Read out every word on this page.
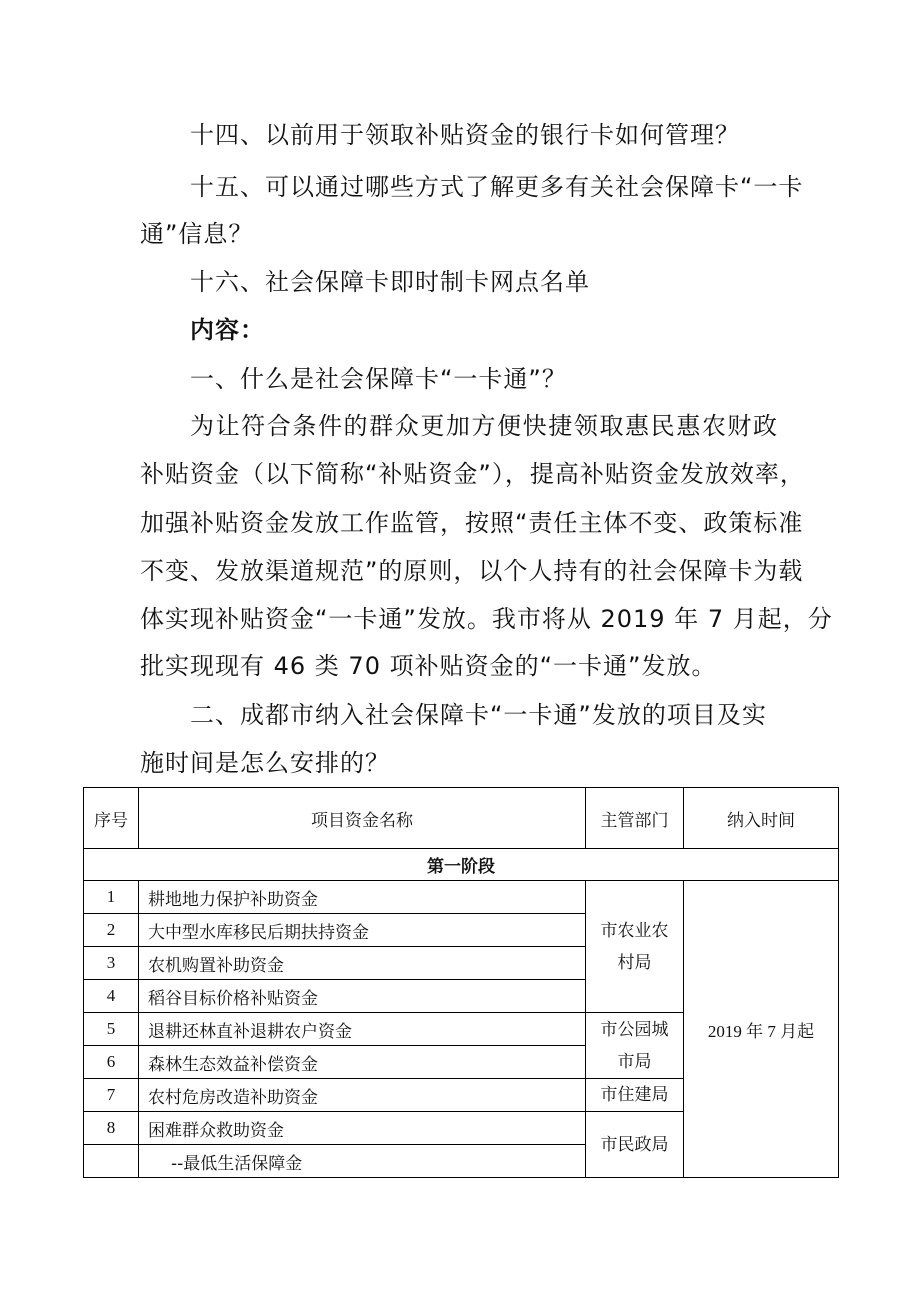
十四、以前用于领取补贴资金的银行卡如何管理？
十五、可以通过哪些方式了解更多有关社会保障卡“一卡
通”信息？
十六、社会保障卡即时制卡网点名单
内容：
一、什么是社会保障卡“一卡通”？
为让符合条件的群众更加方便快捷领取惠民惠农财政
补贴资金（以下简称“补贴资金”），提高补贴资金发放效率，
加强补贴资金发放工作监管，按照“责任主体不变、政策标准
不变、发放渠道规范”的原则，以个人持有的社会保障卡为载
体实现补贴资金“一卡通”发放。我市将从 2019 年 7 月起，分
批实现现有 46 类 70 项补贴资金的“一卡通”发放。
二、成都市纳入社会保障卡“一卡通”发放的项目及实
施时间是怎么安排的？
序号	项目资金名称	主管部门	纳入时间
第一阶段			
1	耕地地力保护补助资金	市农业农
村局	2019 年 7 月起
2	大中型水库移民后期扶持资金		
3	农机购置补助资金		
4	稻谷目标价格补贴资金		
5	退耕还林直补退耕农户资金	市公园城
市局	

6	森林生态效益补偿资金		
7	农村危房改造补助资金	市住建局	
8	困难群众救助资金	市民政局	
	--最低生活保障金		
